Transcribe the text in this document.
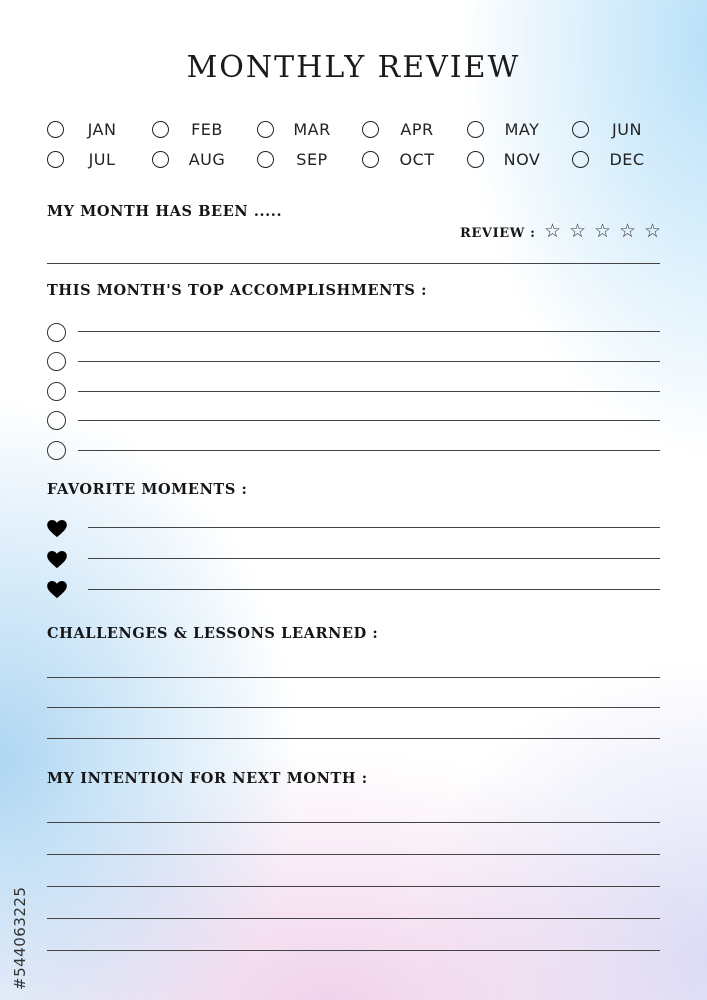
MONTHLY REVIEW
JAN	FEB	MAR	APR	MAY	JUN
JUL	AUG	SEP	OCT	NOV	DEC
MY MONTH HAS BEEN .....
REVIEW : ☆ ☆ ☆ ☆ ☆
THIS MONTH'S TOP ACCOMPLISHMENTS :
FAVORITE MOMENTS :
CHALLENGES & LESSONS LEARNED :
MY INTENTION FOR NEXT MONTH :
#544063225
